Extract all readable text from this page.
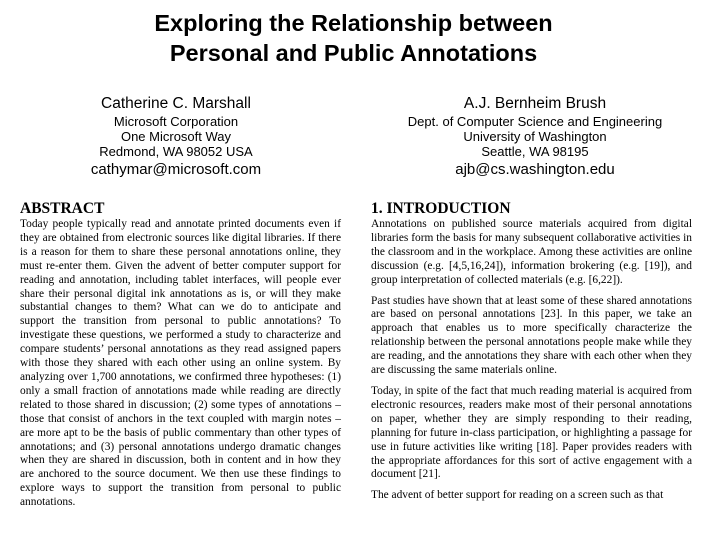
Exploring the Relationship between
Personal and Public Annotations
Catherine C. Marshall
Microsoft Corporation
One Microsoft Way
Redmond, WA 98052 USA
cathymar@microsoft.com
A.J. Bernheim Brush
Dept. of Computer Science and Engineering
University of Washington
Seattle, WA 98195
ajb@cs.washington.edu
ABSTRACT

Today people typically read and annotate printed documents even if they are obtained from electronic sources like digital libraries. If there is a reason for them to share these personal annotations online, they must re-enter them. Given the advent of better computer support for reading and annotation, including tablet interfaces, will people ever share their personal digital ink annotations as is, or will they make substantial changes to them? What can we do to anticipate and support the transition from personal to public annotations? To investigate these questions, we performed a study to characterize and compare students’ personal annotations as they read assigned papers with those they shared with each other using an online system. By analyzing over 1,700 annotations, we confirmed three hypotheses: (1) only a small fraction of annotations made while reading are directly related to those shared in discussion; (2) some types of annotations – those that consist of anchors in the text coupled with margin notes – are more apt to be the basis of public commentary than other types of annotations; and (3) personal annotations undergo dramatic changes when they are shared in discussion, both in content and in how they are anchored to the source document. We then use these findings to explore ways to support the transition from personal to public annotations.

1. INTRODUCTION

Annotations on published source materials acquired from digital libraries form the basis for many subsequent collaborative activities in the classroom and in the workplace. Among these activities are online discussion (e.g. [4,5,16,24]), information brokering (e.g. [19]), and group interpretation of collected materials (e.g. [6,22]).

Past studies have shown that at least some of these shared annotations are based on personal annotations [23]. In this paper, we take an approach that enables us to more specifically characterize the relationship between the personal annotations people make while they are reading, and the annotations they share with each other when they are discussing the same materials online.

Today, in spite of the fact that much reading material is acquired from electronic resources, readers make most of their personal annotations on paper, whether they are simply responding to their reading, planning for future in-class participation, or highlighting a passage for use in future activities like writing [18]. Paper provides readers with the appropriate affordances for this sort of active engagement with a document [21].

The advent of better support for reading on a screen such as that
